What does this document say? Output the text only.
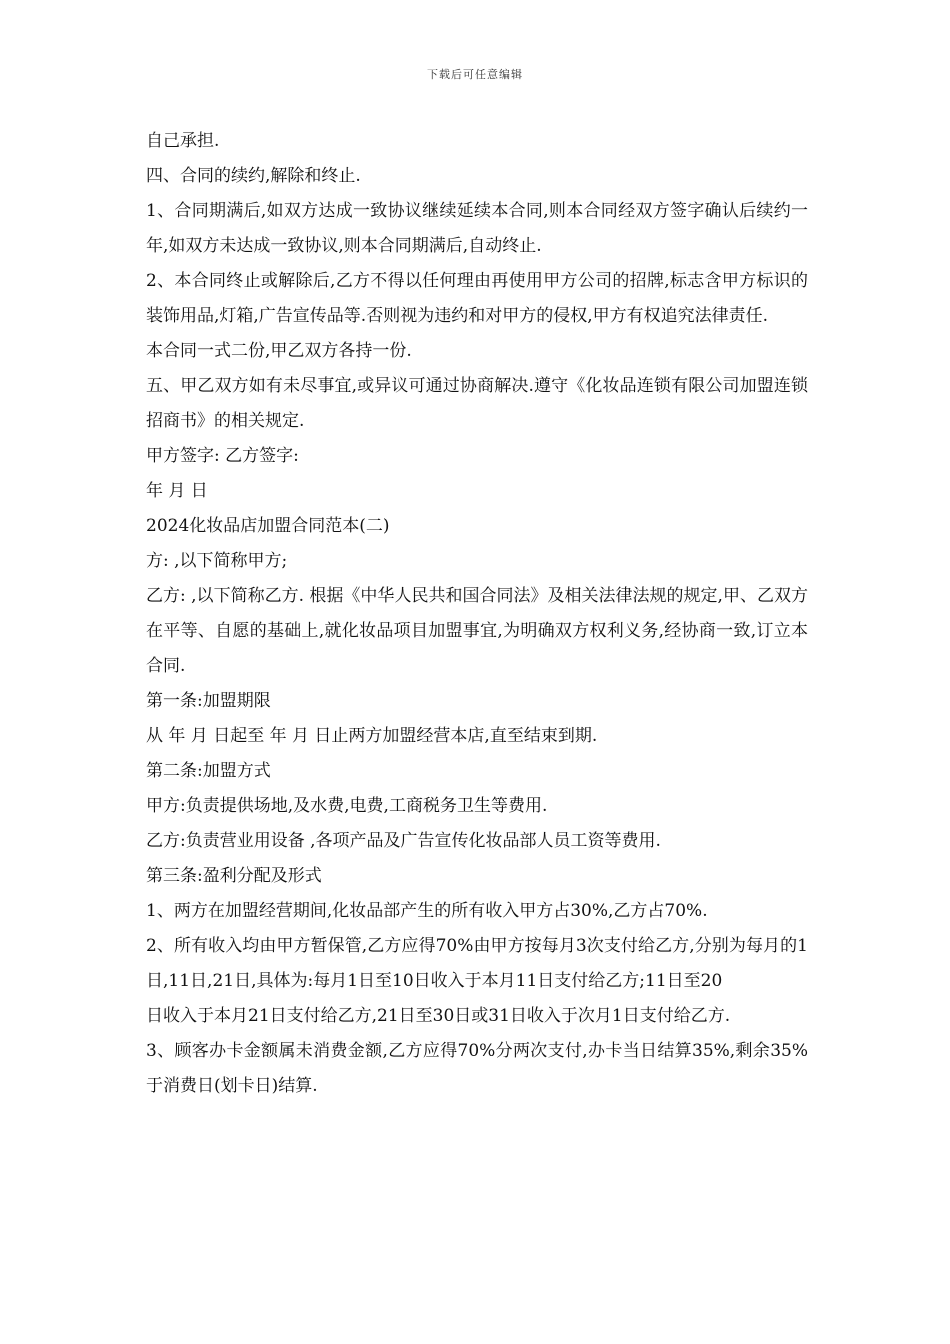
下载后可任意编辑

自己承担.

四、合同的续约,解除和终止.

1、合同期满后,如双方达成一致协议继续延续本合同,则本合同经双方签字确认后续约一年,如双方未达成一致协议,则本合同期满后,自动终止.

2、本合同终止或解除后,乙方不得以任何理由再使用甲方公司的招牌,标志含甲方标识的装饰用品,灯箱,广告宣传品等.否则视为违约和对甲方的侵权,甲方有权追究法律责任.

本合同一式二份,甲乙双方各持一份.

五、甲乙双方如有未尽事宜,或异议可通过协商解决.遵守《化妆品连锁有限公司加盟连锁招商书》的相关规定.

甲方签字: 乙方签字:

年 月 日

2024化妆品店加盟合同范本(二)

方: ,以下简称甲方;

乙方: ,以下简称乙方. 根据《中华人民共和国合同法》及相关法律法规的规定,甲、乙双方在平等、自愿的基础上,就化妆品项目加盟事宜,为明确双方权利义务,经协商一致,订立本合同.

第一条:加盟期限

从 年 月 日起至 年 月 日止两方加盟经营本店,直至结束到期.

第二条:加盟方式

甲方:负责提供场地,及水费,电费,工商税务卫生等费用.

乙方:负责营业用设备 ,各项产品及广告宣传化妆品部人员工资等费用.

第三条:盈利分配及形式

1、两方在加盟经营期间,化妆品部产生的所有收入甲方占30%,乙方占70%.

2、所有收入均由甲方暂保管,乙方应得70%由甲方按每月3次支付给乙方,分别为每月的1日,11日,21日,具体为:每月1日至10日收入于本月11日支付给乙方;11日至20

日收入于本月21日支付给乙方,21日至30日或31日收入于次月1日支付给乙方.

3、顾客办卡金额属未消费金额,乙方应得70%分两次支付,办卡当日结算35%,剩余35%于消费日(划卡日)结算.
